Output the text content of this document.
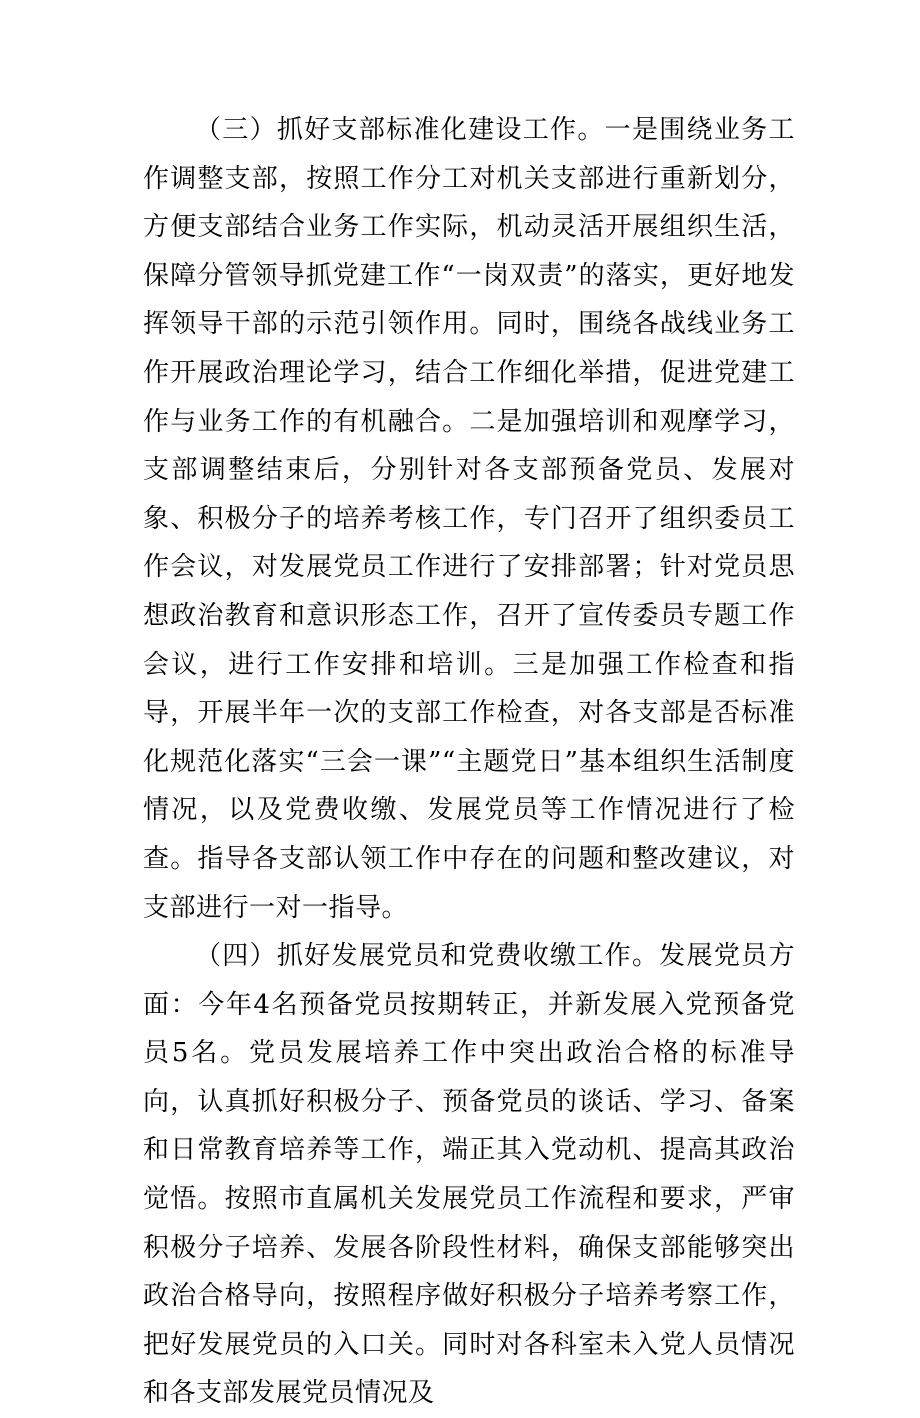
（三）抓好支部标准化建设工作。一是围绕业务工作调整支部，按照工作分工对机关支部进行重新划分，方便支部结合业务工作实际，机动灵活开展组织生活，保障分管领导抓党建工作“一岗双责”的落实，更好地发挥领导干部的示范引领作用。同时，围绕各战线业务工作开展政治理论学习，结合工作细化举措，促进党建工作与业务工作的有机融合。二是加强培训和观摩学习，支部调整结束后，分别针对各支部预备党员、发展对象、积极分子的培养考核工作，专门召开了组织委员工作会议，对发展党员工作进行了安排部署；针对党员思想政治教育和意识形态工作，召开了宣传委员专题工作会议，进行工作安排和培训。三是加强工作检查和指导，开展半年一次的支部工作检查，对各支部是否标准化规范化落实“三会一课”“主题党日”基本组织生活制度情况，以及党费收缴、发展党员等工作情况进行了检查。指导各支部认领工作中存在的问题和整改建议，对支部进行一对一指导。

（四）抓好发展党员和党费收缴工作。发展党员方面：今年4名预备党员按期转正，并新发展入党预备党员5名。党员发展培养工作中突出政治合格的标准导向，认真抓好积极分子、预备党员的谈话、学习、备案和日常教育培养等工作，端正其入党动机、提高其政治觉悟。按照市直属机关发展党员工作流程和要求，严审积极分子培养、发展各阶段性材料，确保支部能够突出政治合格导向，按照程序做好积极分子培养考察工作，把好发展党员的入口关。同时对各科室未入党人员情况和各支部发展党员情况及
